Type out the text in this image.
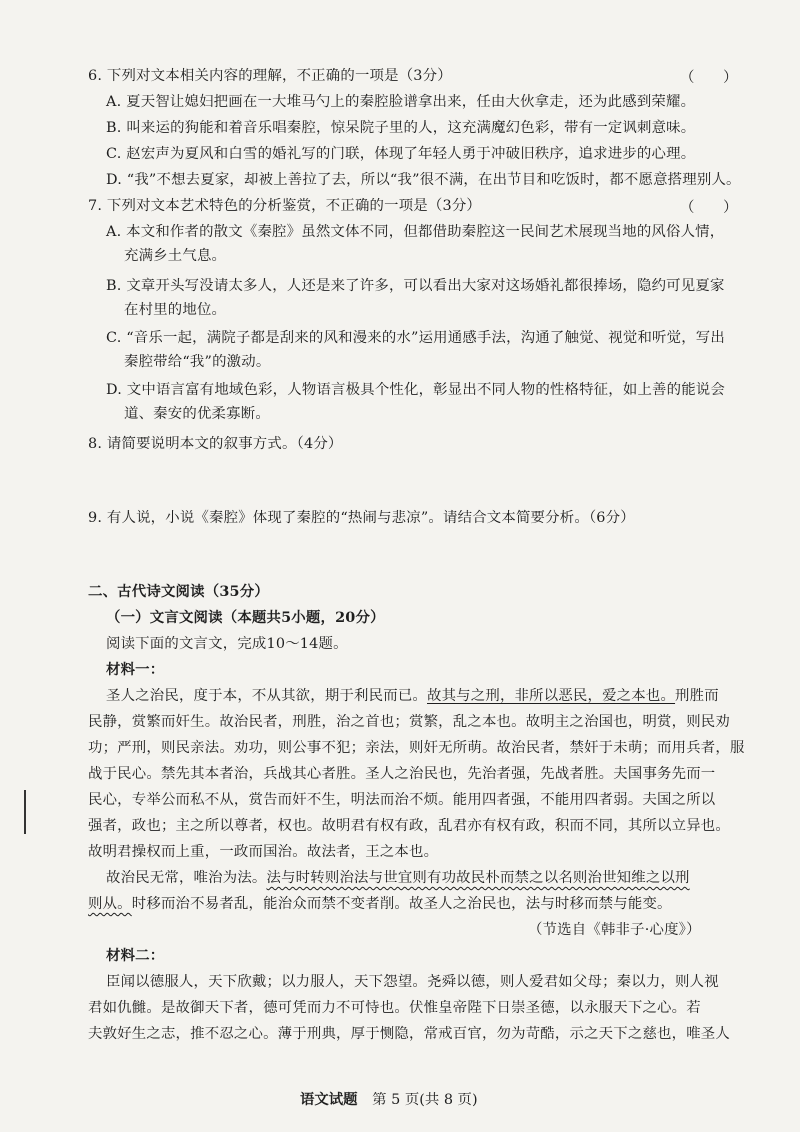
6. 下列对文本相关内容的理解，不正确的一项是（3分）	（　　）
A. 夏天智让媳妇把画在一大堆马勺上的秦腔脸谱拿出来，任由大伙拿走，还为此感到荣耀。
B. 叫来运的狗能和着音乐唱秦腔，惊呆院子里的人，这充满魔幻色彩，带有一定讽刺意味。
C. 赵宏声为夏风和白雪的婚礼写的门联，体现了年轻人勇于冲破旧秩序，追求进步的心理。
D. “我”不想去夏家，却被上善拉了去，所以“我”很不满，在出节目和吃饭时，都不愿意搭理别人。
7. 下列对文本艺术特色的分析鉴赏，不正确的一项是（3分）	（　　）
A. 本文和作者的散文《秦腔》虽然文体不同，但都借助秦腔这一民间艺术展现当地的风俗人情，
充满乡土气息。
B. 文章开头写没请太多人，人还是来了许多，可以看出大家对这场婚礼都很捧场，隐约可见夏家
在村里的地位。
C. “音乐一起，满院子都是刮来的风和漫来的水”运用通感手法，沟通了触觉、视觉和听觉，写出
秦腔带给“我”的激动。
D. 文中语言富有地域色彩，人物语言极具个性化，彰显出不同人物的性格特征，如上善的能说会
道、秦安的优柔寡断。
8. 请简要说明本文的叙事方式。（4分）
9. 有人说，小说《秦腔》体现了秦腔的“热闹与悲凉”。请结合文本简要分析。（6分）
二、古代诗文阅读（35分）
（一）文言文阅读（本题共5小题，20分）
阅读下面的文言文，完成10～14题。
材料一：
圣人之治民，度于本，不从其欲，期于利民而已。故其与之刑，非所以恶民，爱之本也。刑胜而
民静，赏繁而奸生。故治民者，刑胜，治之首也；赏繁，乱之本也。故明主之治国也，明赏，则民劝
功；严刑，则民亲法。劝功，则公事不犯；亲法，则奸无所萌。故治民者，禁奸于未萌；而用兵者，服
战于民心。禁先其本者治，兵战其心者胜。圣人之治民也，先治者强，先战者胜。夫国事务先而一
民心，专举公而私不从，赏告而奸不生，明法而治不烦。能用四者强，不能用四者弱。夫国之所以
强者，政也；主之所以尊者，权也。故明君有权有政，乱君亦有权有政，积而不同，其所以立异也。
故明君操权而上重，一政而国治。故法者，王之本也。
故治民无常，唯治为法。法与时转则治法与世宜则有功故民朴而禁之以名则治世知维之以刑
则从。时移而治不易者乱，能治众而禁不变者削。故圣人之治民也，法与时移而禁与能变。
（节选自《韩非子·心度》）
材料二：
臣闻以德服人，天下欣戴；以力服人，天下怨望。尧舜以德，则人爱君如父母；秦以力，则人视
君如仇雠。是故御天下者，德可凭而力不可恃也。伏惟皇帝陛下日崇圣德，以永服天下之心。若
夫敦好生之志，推不忍之心。薄于刑典，厚于恻隐，常戒百官，勿为苛酷，示之天下之慈也，唯圣人
语文试题 第 5 页(共 8 页)
